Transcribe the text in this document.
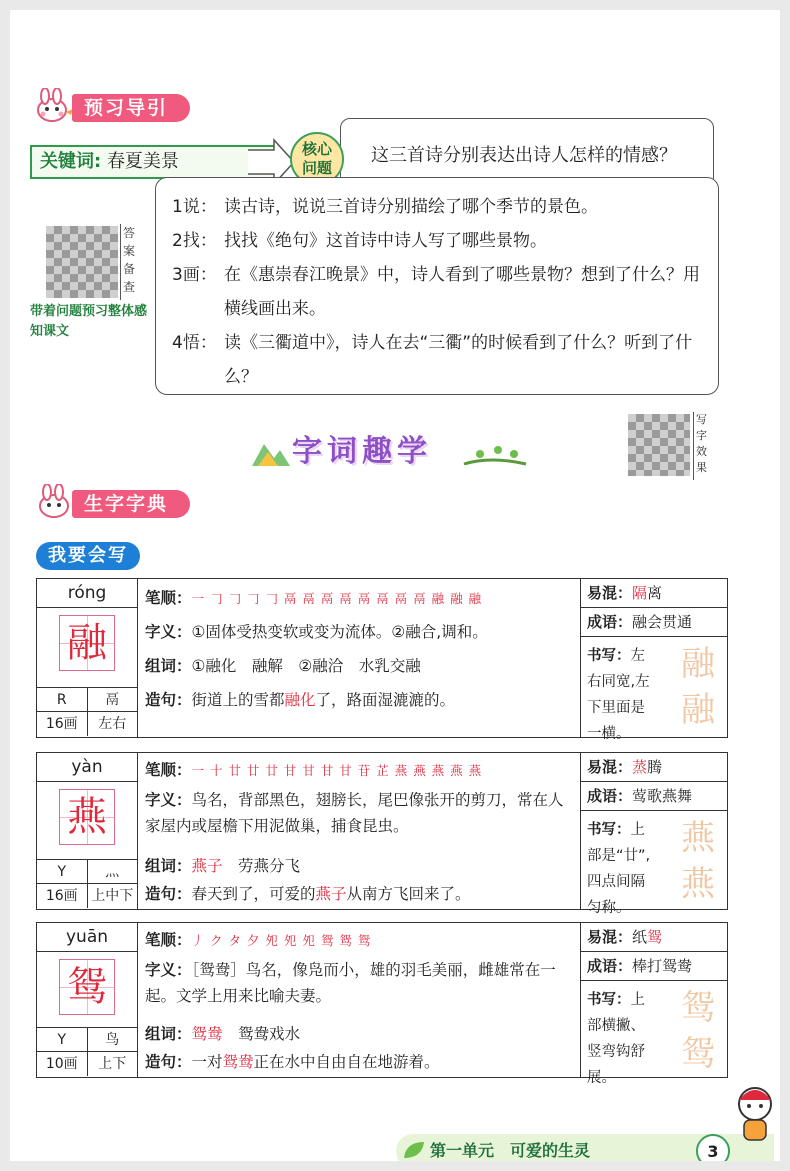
预习导引
关键词: 春夏美景	这三首诗分别表达出诗人怎样的情感？
核心
问题
1说： 读古诗，说说三首诗分别描绘了哪个季节的景色。
2找： 找找《绝句》这首诗中诗人写了哪些景物。
3画： 在《惠崇春江晚景》中，诗人看到了哪些景物？想到了什么？用横线画出来。
4悟： 读《三衢道中》，诗人在去“三衢”的时候看到了什么？听到了什么？
答案备查
带着问题预习整体感知课文
字词趣学
写字效果
生字字典
我要会写
róng
融
R	鬲
16画	左右
笔顺：一 𠃌 𠃌 𠃌 𠃌 鬲 鬲 鬲 鬲 鬲 鬲 鬲 鬲 融 融 融
字义：①固体受热变软或变为流体。②融合,调和。
组词：①融化　融解　②融洽　水乳交融
造句：街道上的雪都融化了，路面湿漉漉的。
易混：隔离
成语：融会贯通
书写：左右同宽,左下里面是一横。
融
融
yàn
燕
Y	灬
16画 上中下
笔顺：一 十 廿 廿 廿 甘 甘 甘 甘 苷 芷 燕 燕 燕 燕 燕
字义：鸟名，背部黑色，翅膀长，尾巴像张开的剪刀，常在人家屋内或屋檐下用泥做巢，捕食昆虫。
组词：燕子　劳燕分飞
造句：春天到了，可爱的燕子从南方飞回来了。
易混：蒸腾
成语：莺歌燕舞
书写：上部是“廿”,四点间隔匀称。
燕
燕
yuān
鸳
Y	鸟
10画	上下
笔顺：丿 ク タ 夕 夗 夗 夗 鸳 鸳 鸳
字义：［鸳鸯］鸟名，像凫而小，雄的羽毛美丽，雌雄常在一起。文学上用来比喻夫妻。
组词：鸳鸯　鸳鸯戏水
造句：一对鸳鸯正在水中自由自在地游着。
易混：纸鸳
成语：棒打鸳鸯
书写：上部横撇、竖弯钩舒展。
鸳
鸳
第一单元　可爱的生灵	3
